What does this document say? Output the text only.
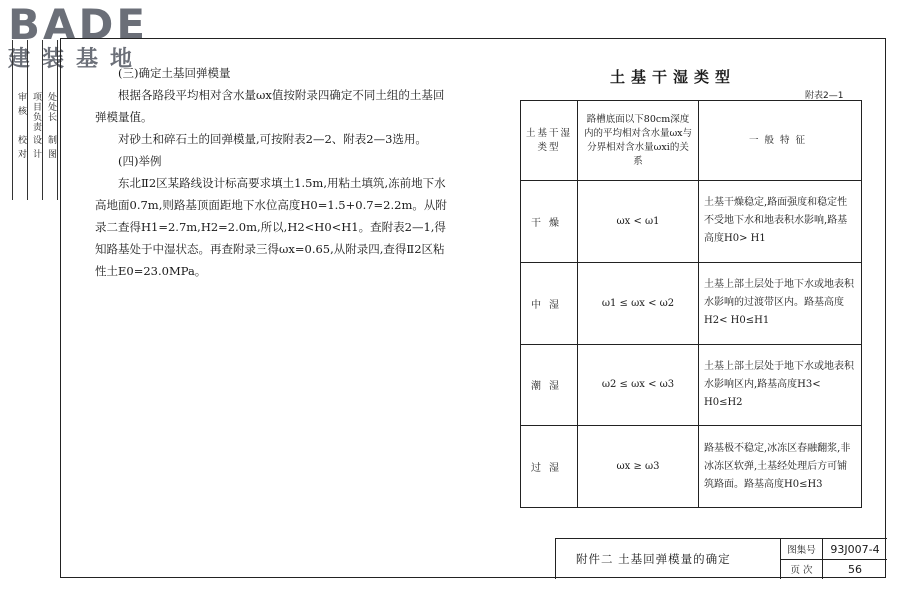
BADE
建装基地
校 对 设 计 制 图
审 核 项目负责 处处长

(三)确定土基回弹模量

根据各路段平均相对含水量ωx值按附录四确定不同土组的土基回弹模量值。

对砂土和碎石土的回弹模量,可按附表2—2、附表2—3选用。

(四)举例

东北Ⅱ2区某路线设计标高要求填土1.5m,用粘土填筑,冻前地下水高地面0.7m,则路基顶面距地下水位高度H0=1.5+0.7=2.2m。从附录二查得H1=2.7m,H2=2.0m,所以,H2<H0<H1。查附表2—1,得知路基处于中湿状态。再查附录三得ωx=0.65,从附录四,查得Ⅱ2区粘性土E0=23.0MPa。

土基干湿类型
附表2—1
土基干湿类型	路槽底面以下80cm深度内的平均相对含水量ωx与分界相对含水量ωxi的关系	一般特征
干燥	ωx < ω1	土基干燥稳定,路面强度和稳定性不受地下水和地表积水影响,路基高度H0> H1
中湿	ω1 ≤ ωx < ω2	土基上部土层处于地下水或地表积水影响的过渡带区内。路基高度H2< H0≤H1
潮湿	ω2 ≤ ωx < ω3	土基上部土层处于地下水或地表积水影响区内,路基高度H3< H0≤H2
过湿	ωx ≥ ω3	路基极不稳定,冰冻区春融翻浆,非冰冻区软弹,土基经处理后方可铺筑路面。路基高度H0≤H3
附件二 土基回弹模量的确定
图集号	93J007-4
页 次	56
